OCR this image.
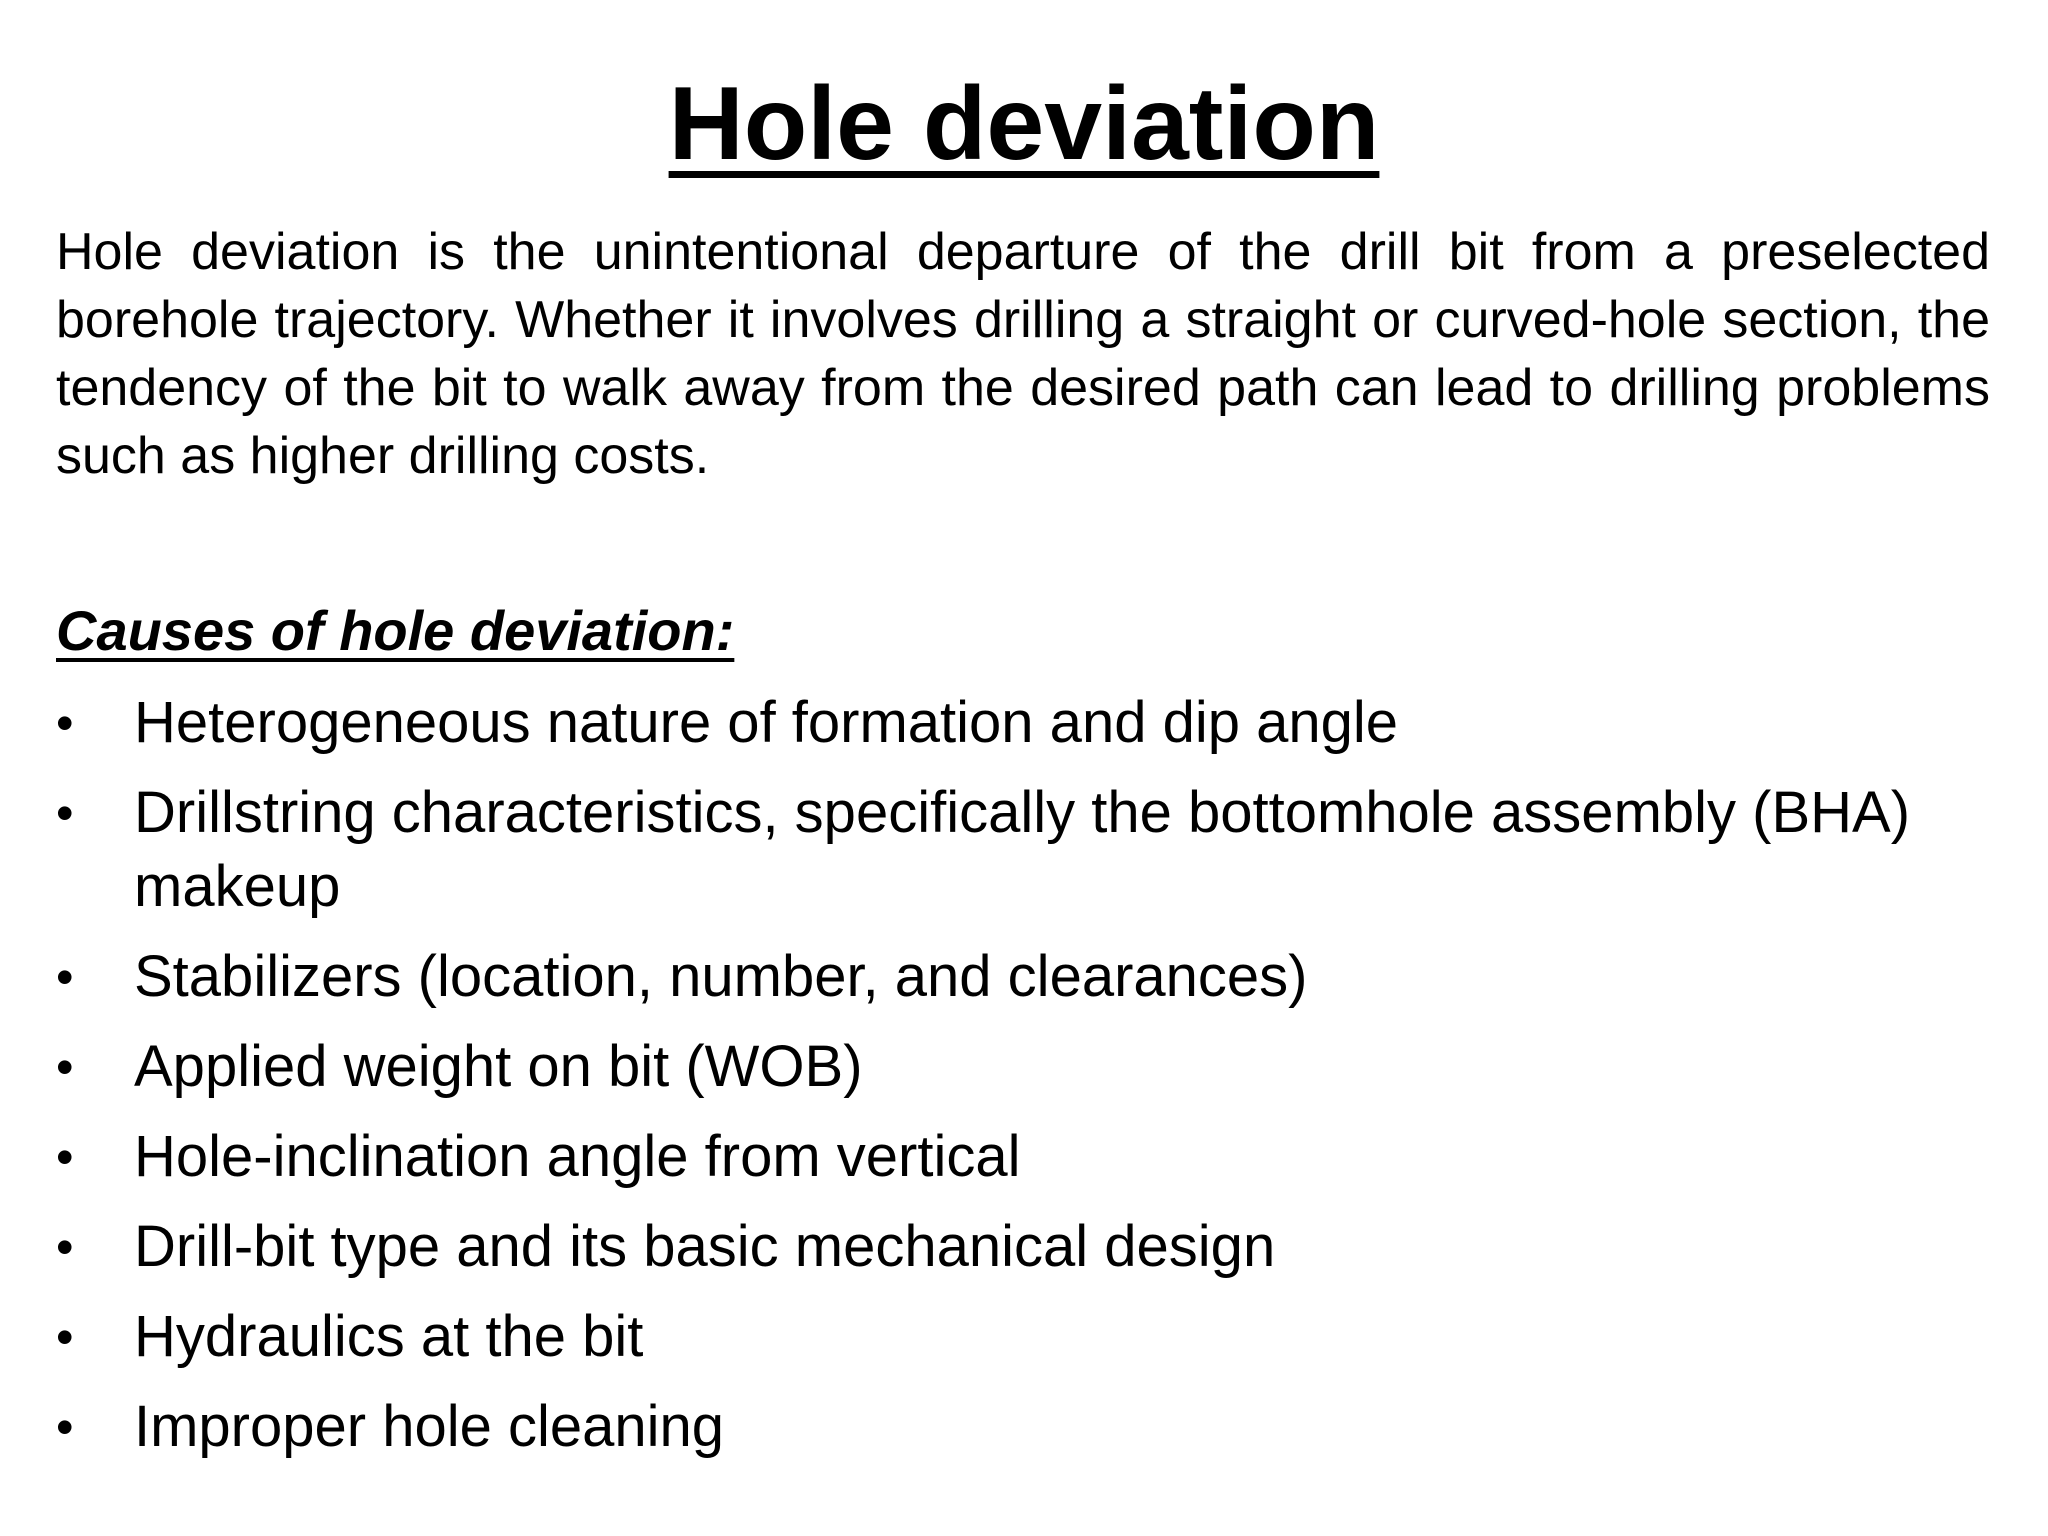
Hole deviation

Hole deviation is the unintentional departure of the drill bit from a preselected borehole trajectory. Whether it involves drilling a straight or curved-hole section, the tendency of the bit to walk away from the desired path can lead to drilling problems such as higher drilling costs.

Causes of hole deviation:

• Heterogeneous nature of formation and dip angle
• Drillstring characteristics, specifically the bottomhole assembly (BHA) makeup
• Stabilizers (location, number, and clearances)
• Applied weight on bit (WOB)
• Hole-inclination angle from vertical
• Drill-bit type and its basic mechanical design
• Hydraulics at the bit
• Improper hole cleaning
